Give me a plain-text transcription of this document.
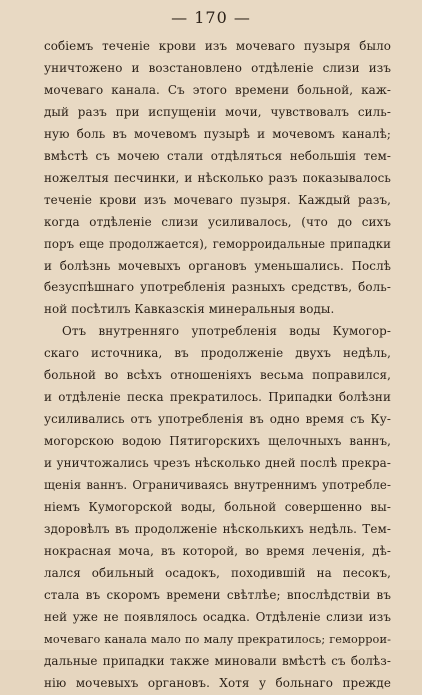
— 170 —
собіемъ теченіе крови изъ мочеваго пузыря было
уничтожено и возстановлено отдѣленіе слизи изъ
мочеваго канала. Съ этого времени больной, каж-
дый разъ при испущеніи мочи, чувствовалъ силь-
ную боль въ мочевомъ пузырѣ и мочевомъ каналѣ;
вмѣстѣ съ мочею стали отдѣляться небольшія тем-
ножелтыя песчинки, и нѣсколько разъ показывалось
теченіе крови изъ мочеваго пузыря. Каждый разъ,
когда отдѣленіе слизи усиливалось, (что до сихъ
поръ еще продолжается), геморроидальные припадки
и болѣзнь мочевыхъ органовъ уменьшались. Послѣ
безуспѣшнаго употребленія разныхъ средствъ, боль-
ной посѣтилъ Кавказскія минеральныя воды.
Отъ внутренняго употребленія воды Кумогор-
скаго источника, въ продолженіе двухъ недѣль,
больной во всѣхъ отношеніяхъ весьма поправился,
и отдѣленіе песка прекратилось. Припадки болѣзни
усиливались отъ употребленія въ одно время съ Ку-
могорскою водою Пятигорскихъ щелочныхъ ваннъ,
и уничтожались чрезъ нѣсколько дней послѣ прекра-
щенія ваннъ. Ограничиваясь внутреннимъ употребле-
ніемъ Кумогорской воды, больной совершенно вы-
здоровѣлъ въ продолженіе нѣсколькихъ недѣль. Тем-
нокрасная моча, въ которой, во время леченія, дѣ-
лался обильный осадокъ, походившій на песокъ,
стала въ скоромъ времени свѣтлѣе; впослѣдствіи въ
ней уже не появлялось осадка. Отдѣленіе слизи изъ
мочеваго канала мало по малу прекратилось; геморрои-
дальные припадки также миновали вмѣстѣ съ болѣз-
нію мочевыхъ органовъ. Хотя у больнаго прежде
